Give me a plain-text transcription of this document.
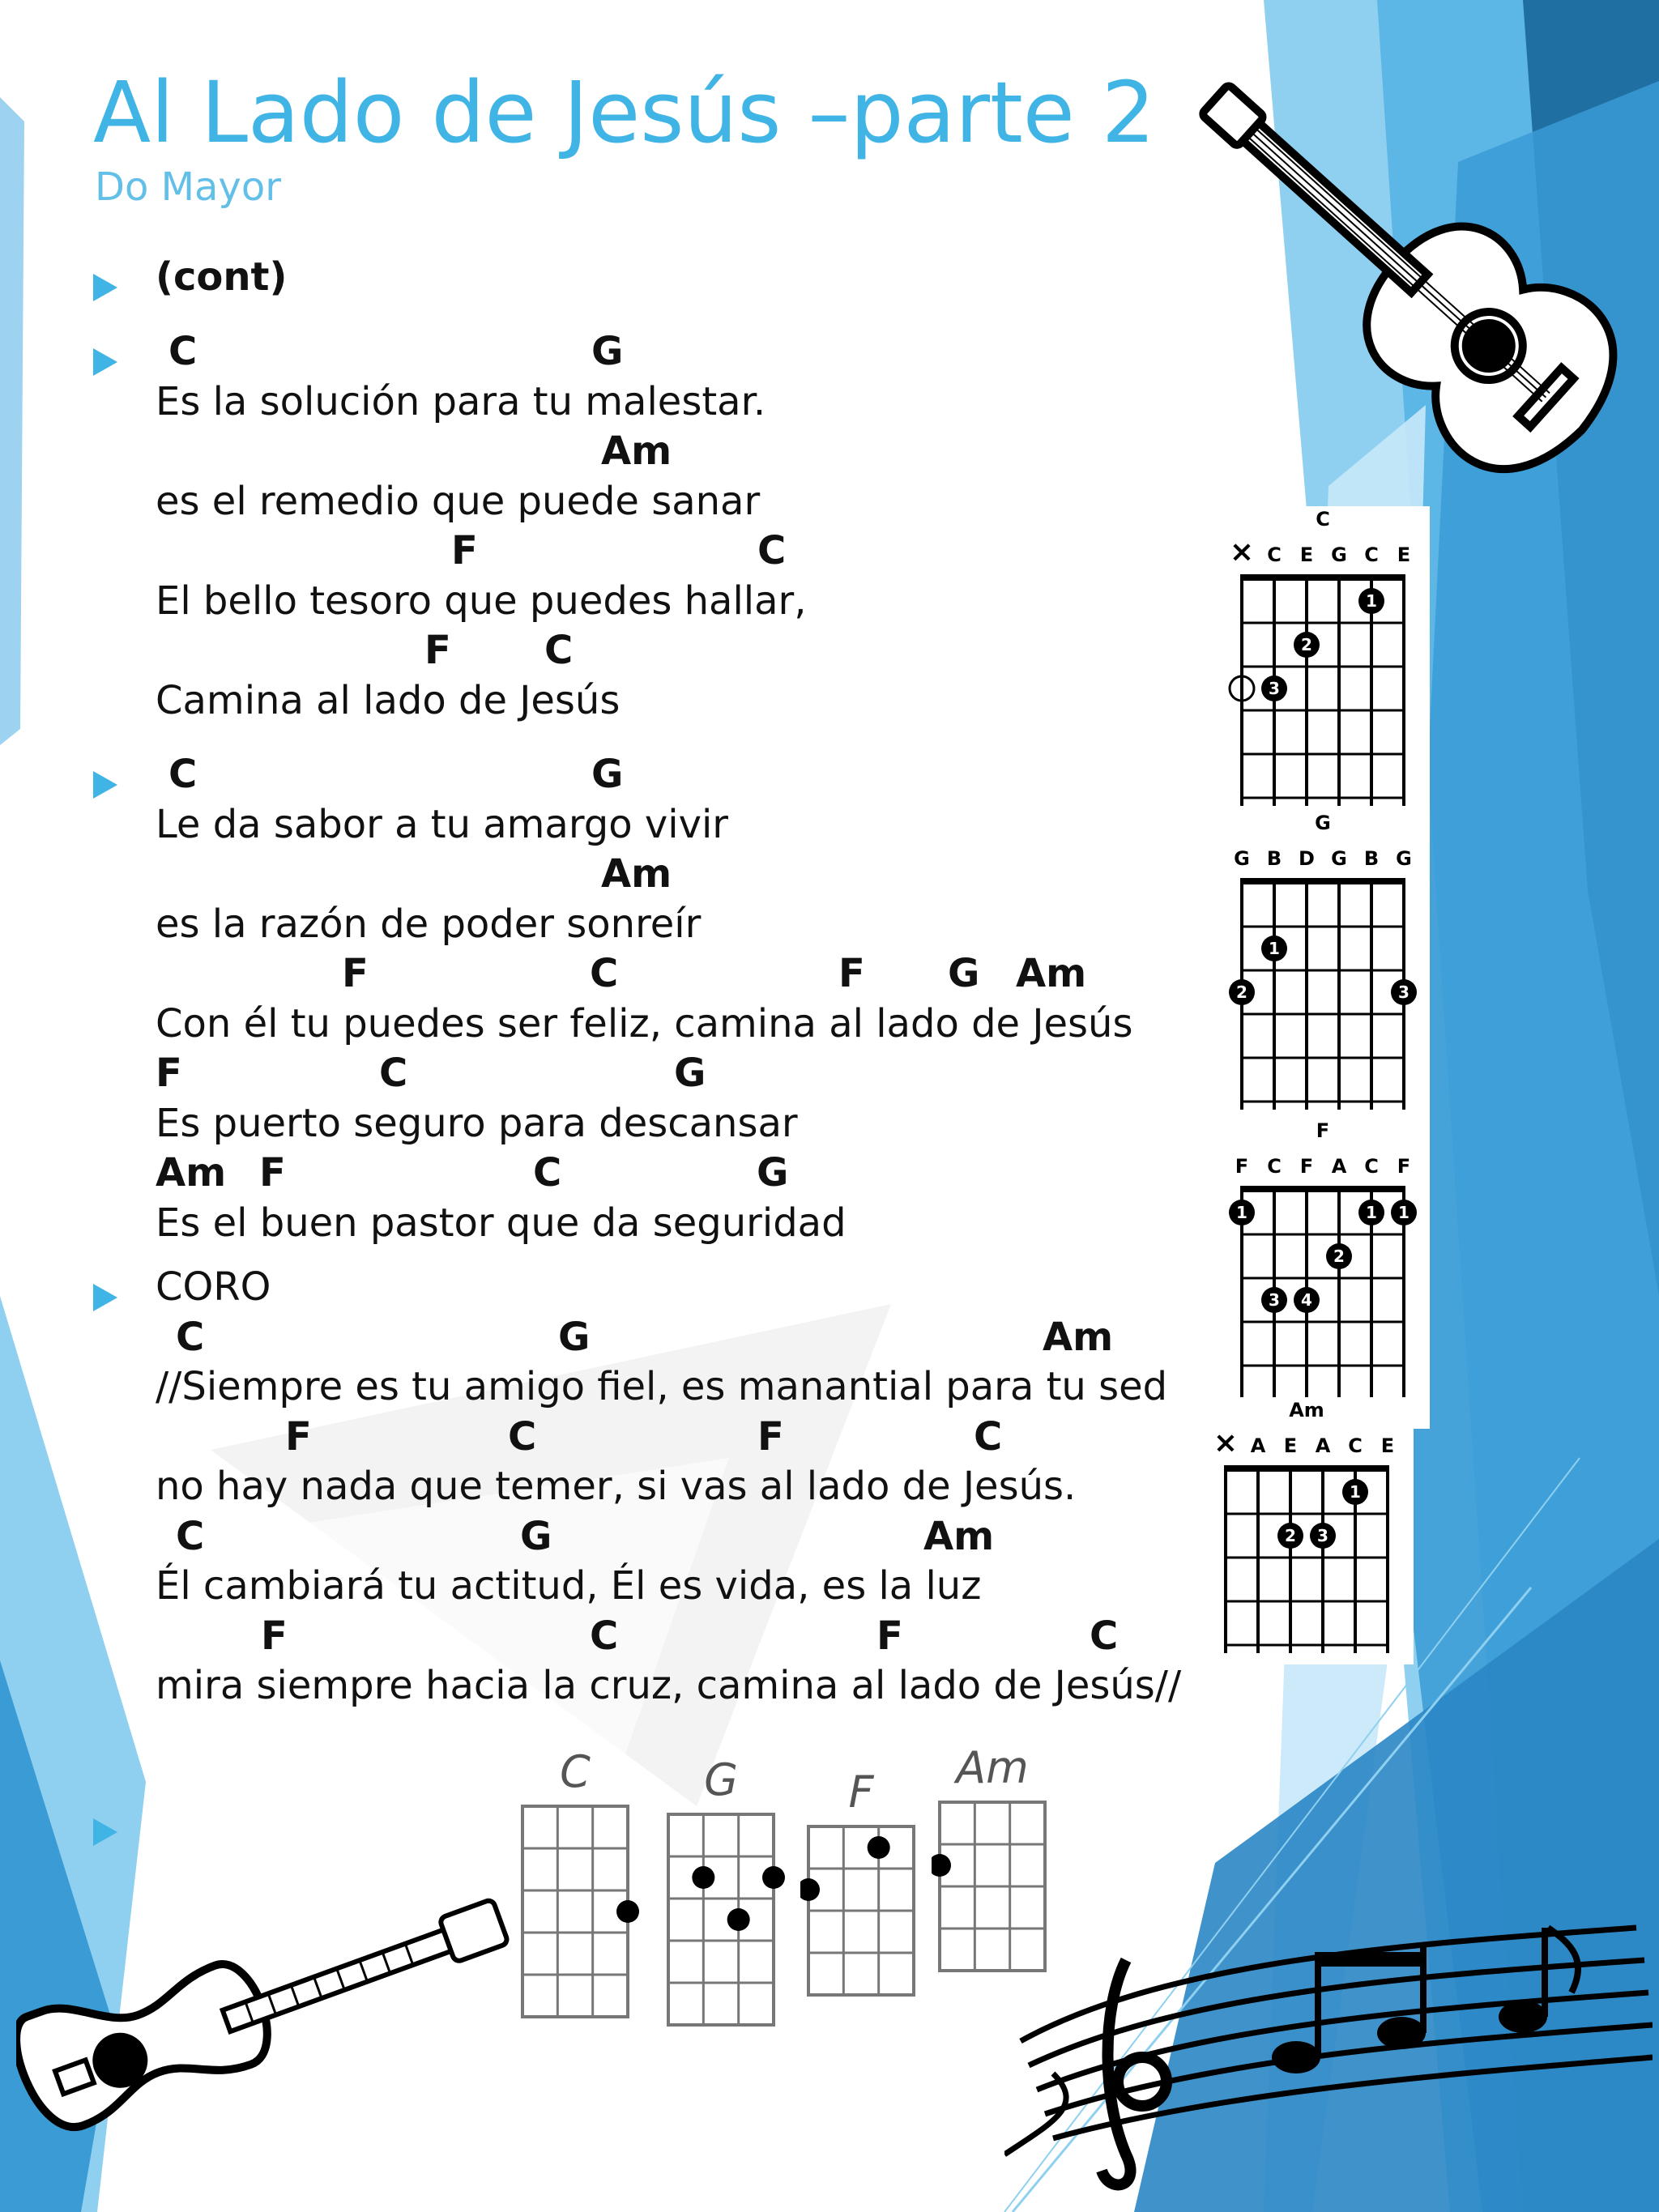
Al Lado de Jesús –parte 2
Do Mayor
(cont)
C	G
Es la solución para tu malestar.
Am
es el remedio que puede sanar
F	C
El bello tesoro que puedes hallar,
F C
Camina al lado de Jesús
C	G
Le da sabor a tu amargo vivir
Am
es la razón de poder sonreír
F	C	F G Am
Con él tu puedes ser feliz, camina al lado de Jesús
F	C	G
Es puerto seguro para descansar
Am F	C	G
Es el buen pastor que da seguridad
CORO
C	G	Am
//Siempre es tu amigo fiel, es manantial para tu sed
F	C	F	C
no hay nada que temer, si vas al lado de Jesús.
C	G	Am
Él cambiará tu actitud, Él es vida, es la luz
F	C	F	C
mira siempre hacia la cruz, camina al lado de Jesús//
C
× C E G C E
1
2
3
G
G B D G B G
1
2	3
F
F C F A C F
1	1 1
2
3 4
Am
× A E A C E
1
2 3
C	G	F Am
